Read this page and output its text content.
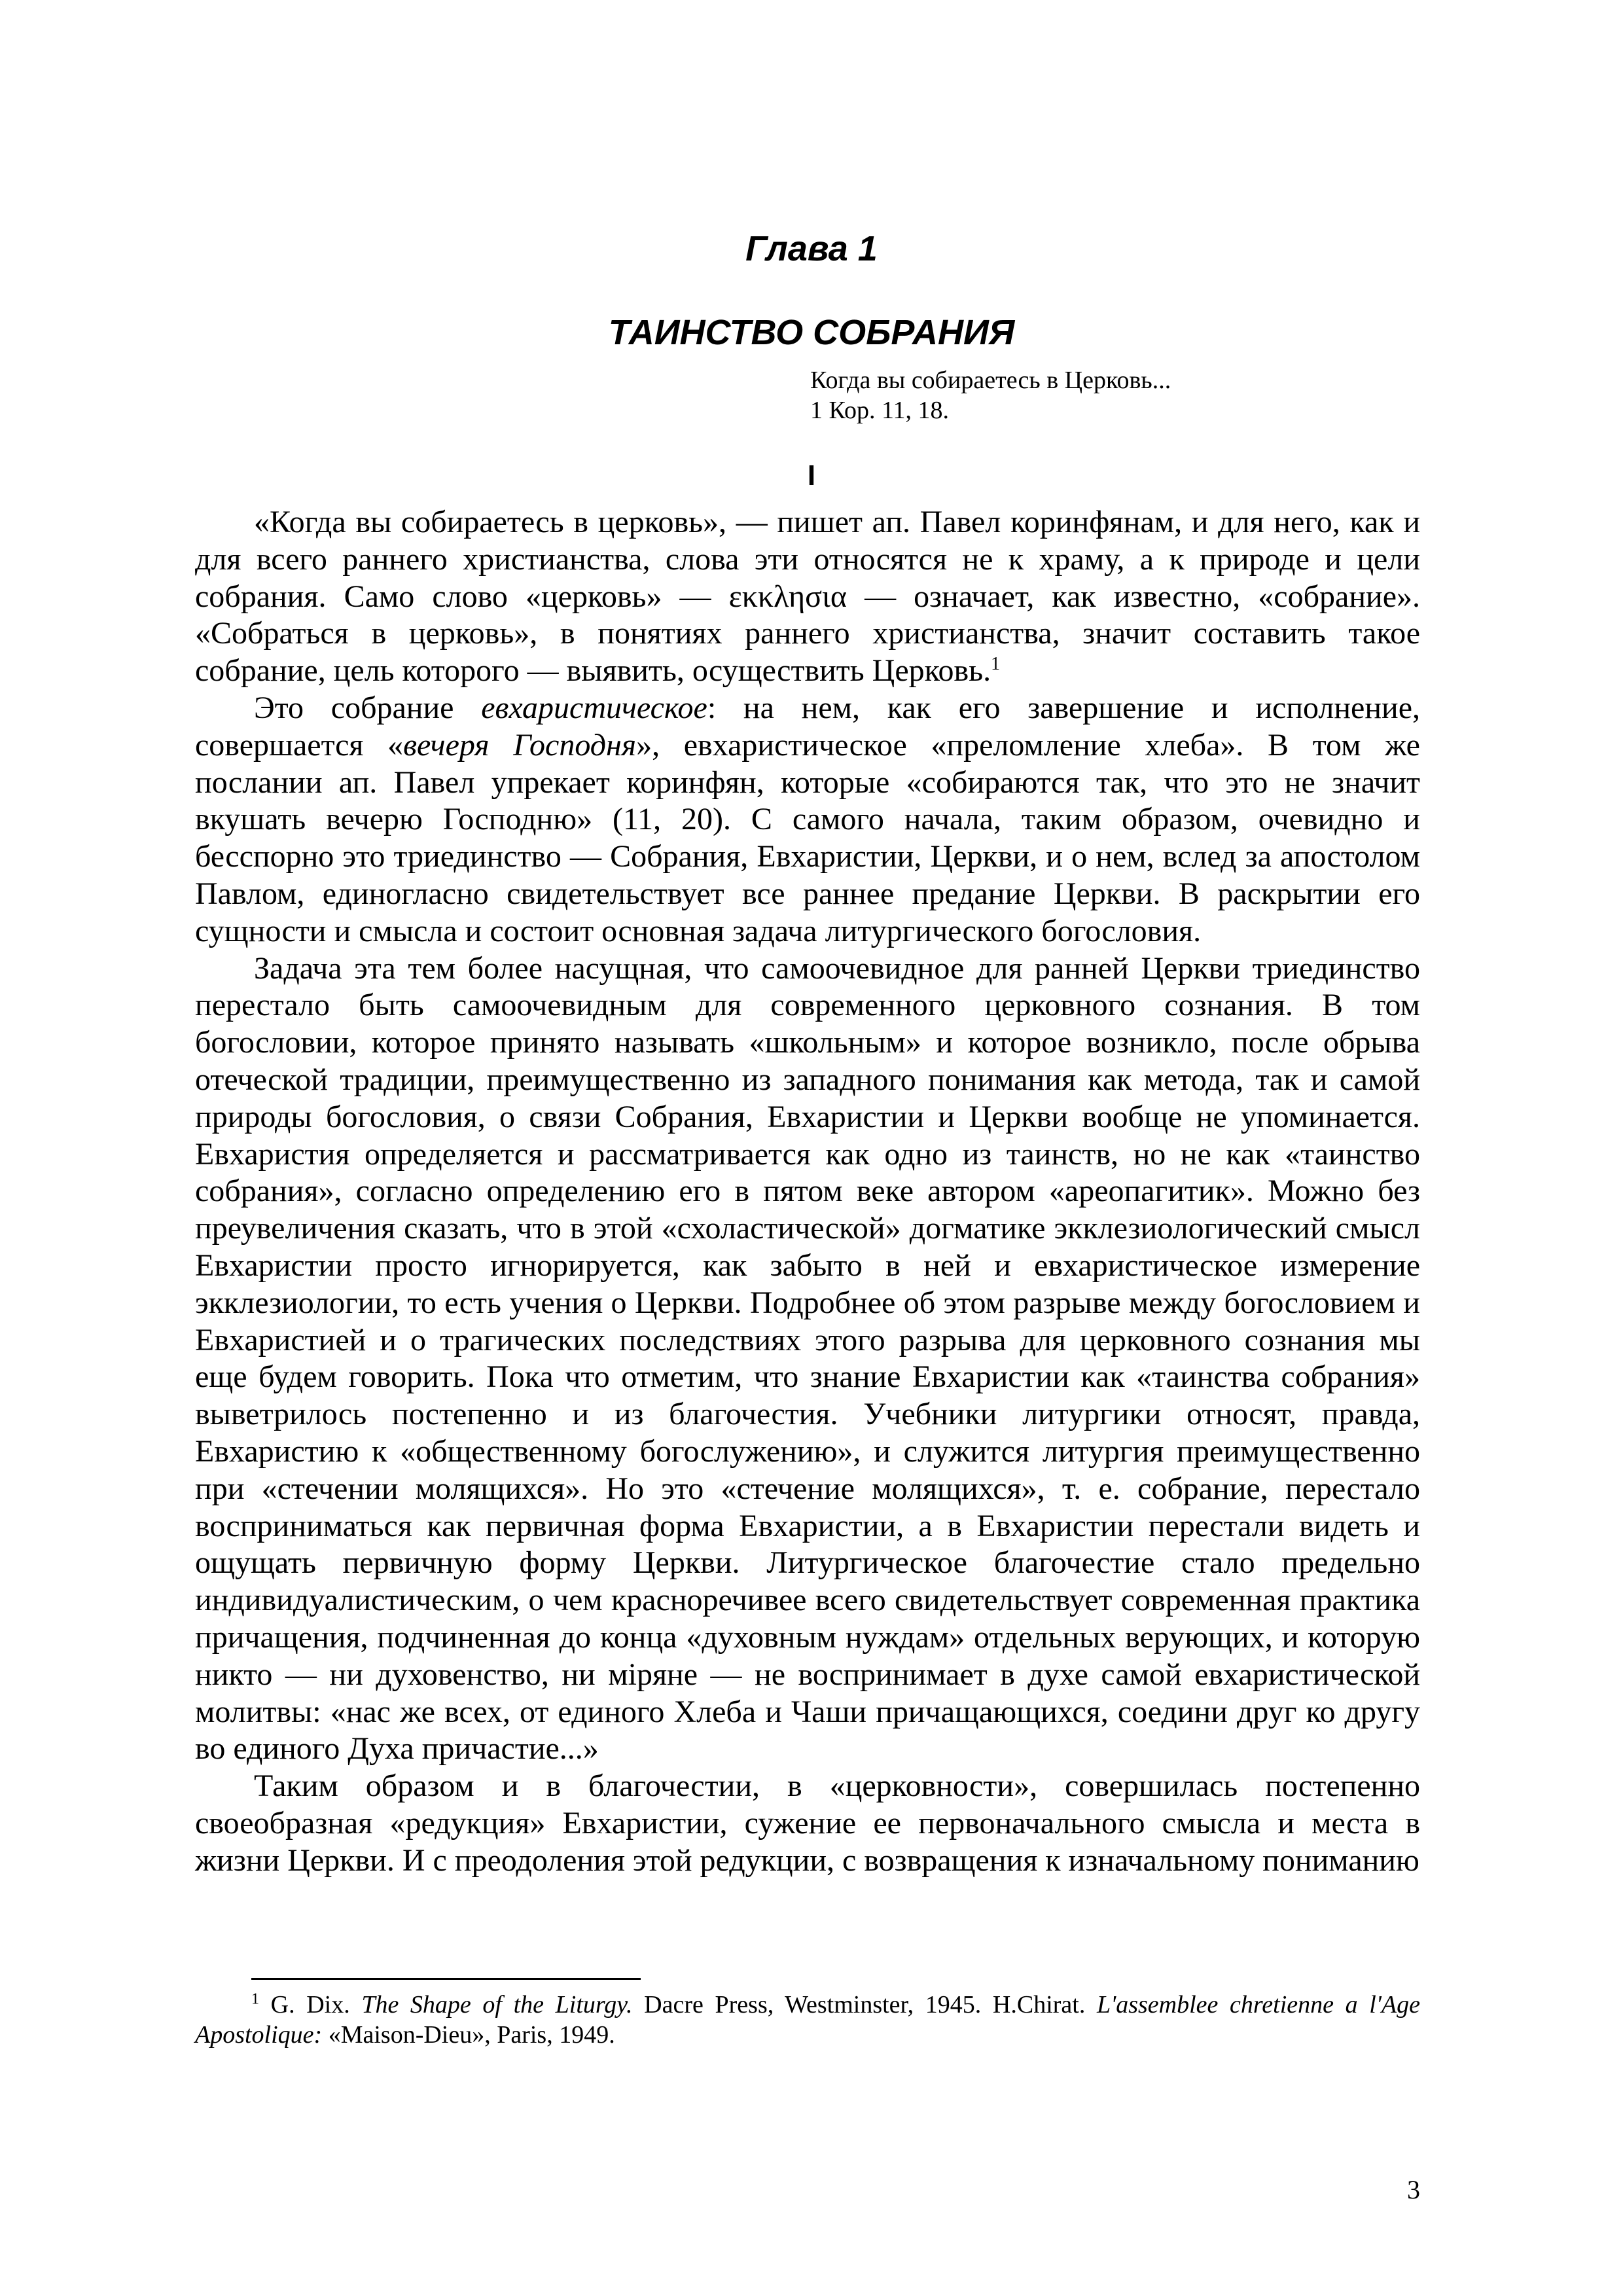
Глава 1
ТАИНСТВО СОБРАНИЯ
Когда вы собираетесь в Церковь...
1 Кор. 11, 18.
I

«Когда вы собираетесь в церковь», — пишет ап. Павел коринфянам, и для него, как и для всего раннего христианства, слова эти относятся не к храму, а к природе и цели собрания. Само слово «церковь» — εκκλησια — означает, как известно, «собрание». «Собраться в церковь», в понятиях раннего христианства, значит составить такое собрание, цель которого — выявить, осуществить Церковь.$^1$

Это собрание евхаристическое: на нем, как его завершение и исполнение, совершается «вечеря Господня», евхаристическое «преломление хлеба». В том же послании ап. Павел упрекает коринфян, которые «собираются так, что это не значит вкушать вечерю Господню» (11, 20). С самого начала, таким образом, очевидно и бесспорно это триединство — Собрания, Евхаристии, Церкви, и о нем, вслед за апостолом Павлом, единогласно свидетельствует все раннее предание Церкви. В раскрытии его сущности и смысла и состоит основная задача литургического богословия.

Задача эта тем более насущная, что самоочевидное для ранней Церкви триединство перестало быть самоочевидным для современного церковного сознания. В том богословии, которое принято называть «школьным» и которое возникло, после обрыва отеческой традиции, преимущественно из западного понимания как метода, так и самой природы богословия, о связи Собрания, Евхаристии и Церкви вообще не упоминается. Евхаристия определяется и рассматривается как одно из таинств, но не как «таинство собрания», согласно определению его в пятом веке автором «ареопагитик». Можно без преувеличения сказать, что в этой «схоластической» догматике экклезиологический смысл Евхаристии просто игнорируется, как забыто в ней и евхаристическое измерение экклезиологии, то есть учения о Церкви. Подробнее об этом разрыве между богословием и Евхаристией и о трагических последствиях этого разрыва для церковного сознания мы еще будем говорить. Пока что отметим, что знание Евхаристии как «таинства собрания» выветрилось постепенно и из благочестия. Учебники литургики относят, правда, Евхаристию к «общественному богослужению», и служится литургия преимущественно при «стечении молящихся». Но это «стечение молящихся», т. е. собрание, перестало восприниматься как первичная форма Евхаристии, а в Евхаристии перестали видеть и ощущать первичную форму Церкви. Литургическое благочестие стало предельно индивидуалистическим, о чем красноречивее всего свидетельствует современная практика причащения, подчиненная до конца «духовным нуждам» отдельных верующих, и которую никто — ни духовенство, ни міряне — не воспринимает в духе самой евхаристической молитвы: «нас же всех, от единого Хлеба и Чаши причащающихся, соедини друг ко другу во единого Духа причастие...»

Таким образом и в благочестии, в «церковности», совершилась постепенно своеобразная «редукция» Евхаристии, сужение ее первоначального смысла и места в жизни Церкви. И с преодоления этой редукции, с возвращения к изначальному пониманию

$^1$ G. Dix. The Shape of the Liturgy. Dacre Press, Westminster, 1945. H.Chirat. L'assemblee chretienne a l'Age Apostolique: «Maison-Dieu», Paris, 1949.
3
